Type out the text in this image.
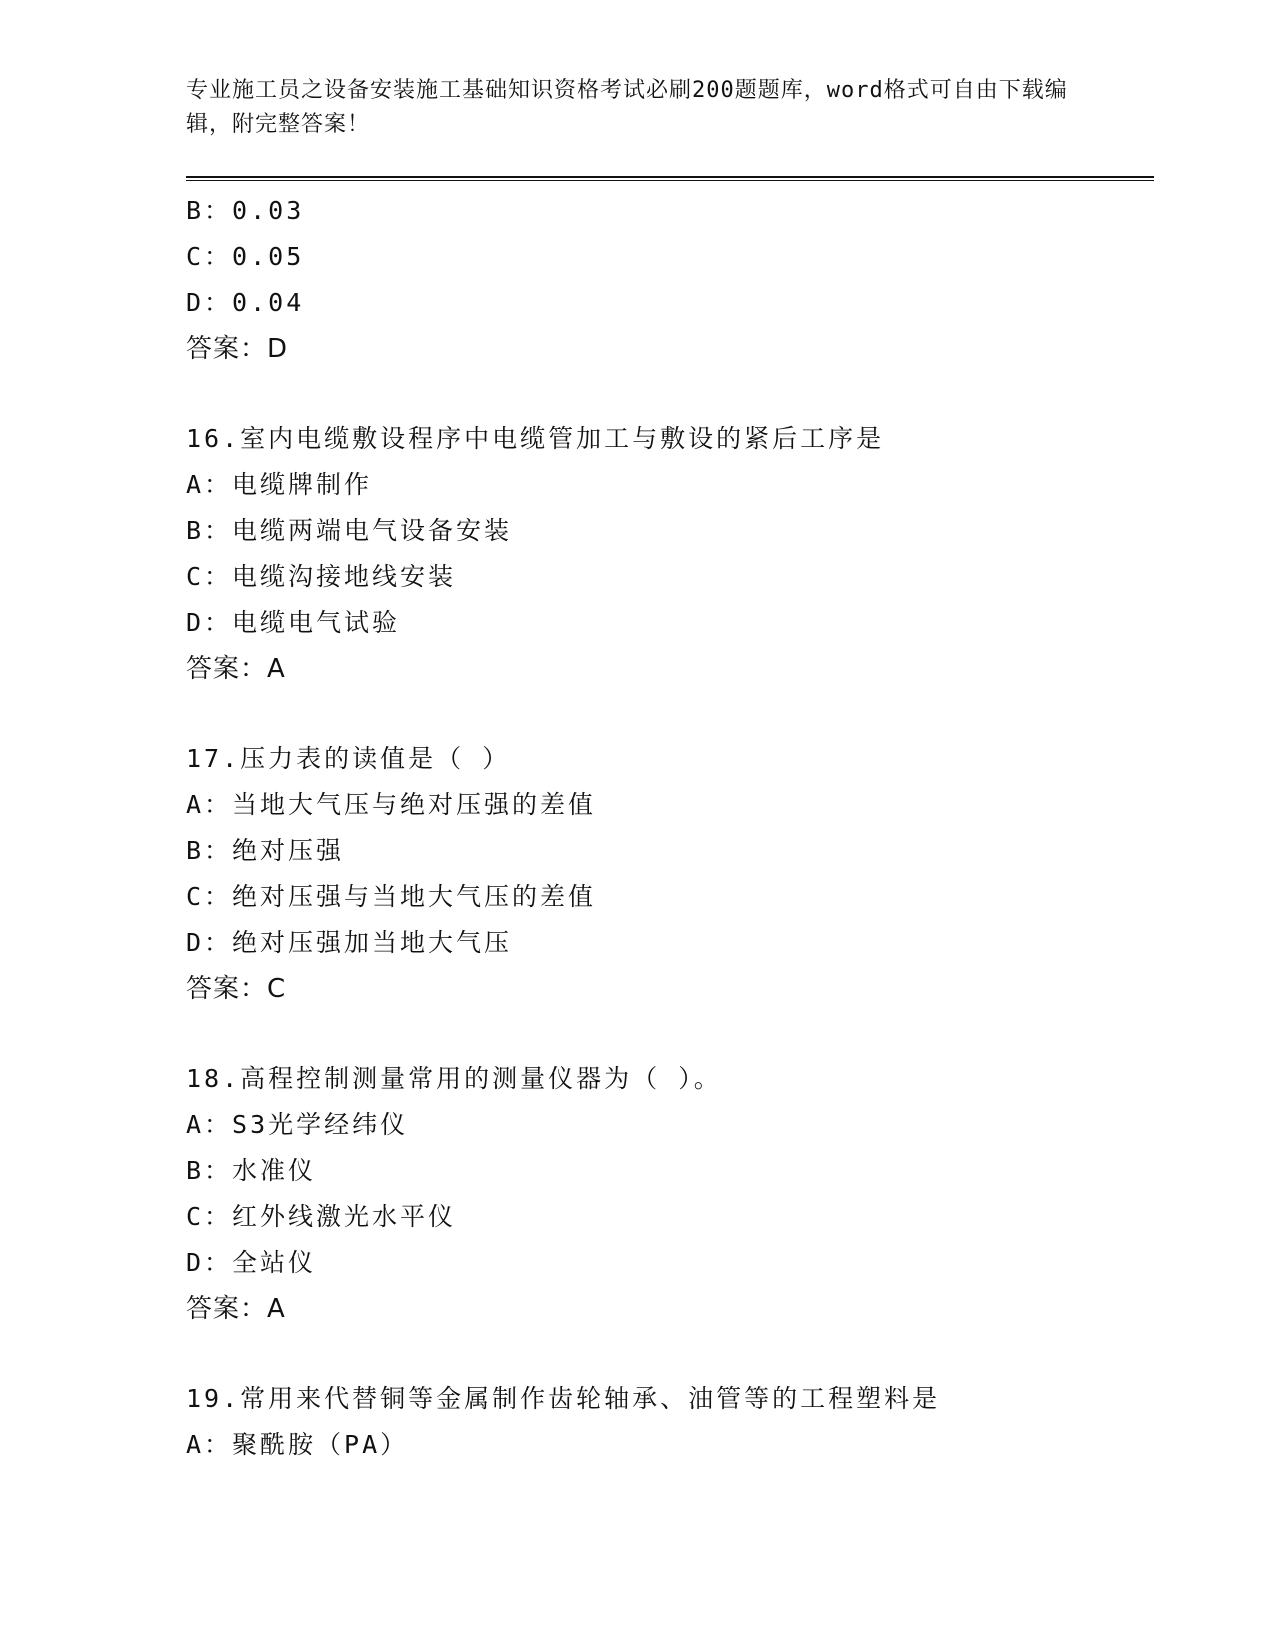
专业施工员之设备安装施工基础知识资格考试必刷200题题库，word格式可自由下载编辑，附完整答案！
B：0.03
C：0.05
D：0.04
答案：D
16.室内电缆敷设程序中电缆管加工与敷设的紧后工序是
A：电缆牌制作
B：电缆两端电气设备安装
C：电缆沟接地线安装
D：电缆电气试验
答案：A
17.压力表的读值是（ ）
A：当地大气压与绝对压强的差值
B：绝对压强
C：绝对压强与当地大气压的差值
D：绝对压强加当地大气压
答案：C
18.高程控制测量常用的测量仪器为（ ）。
A：S3光学经纬仪
B：水准仪
C：红外线激光水平仪
D：全站仪
答案：A
19.常用来代替铜等金属制作齿轮轴承、油管等的工程塑料是
A：聚酰胺（PA）
